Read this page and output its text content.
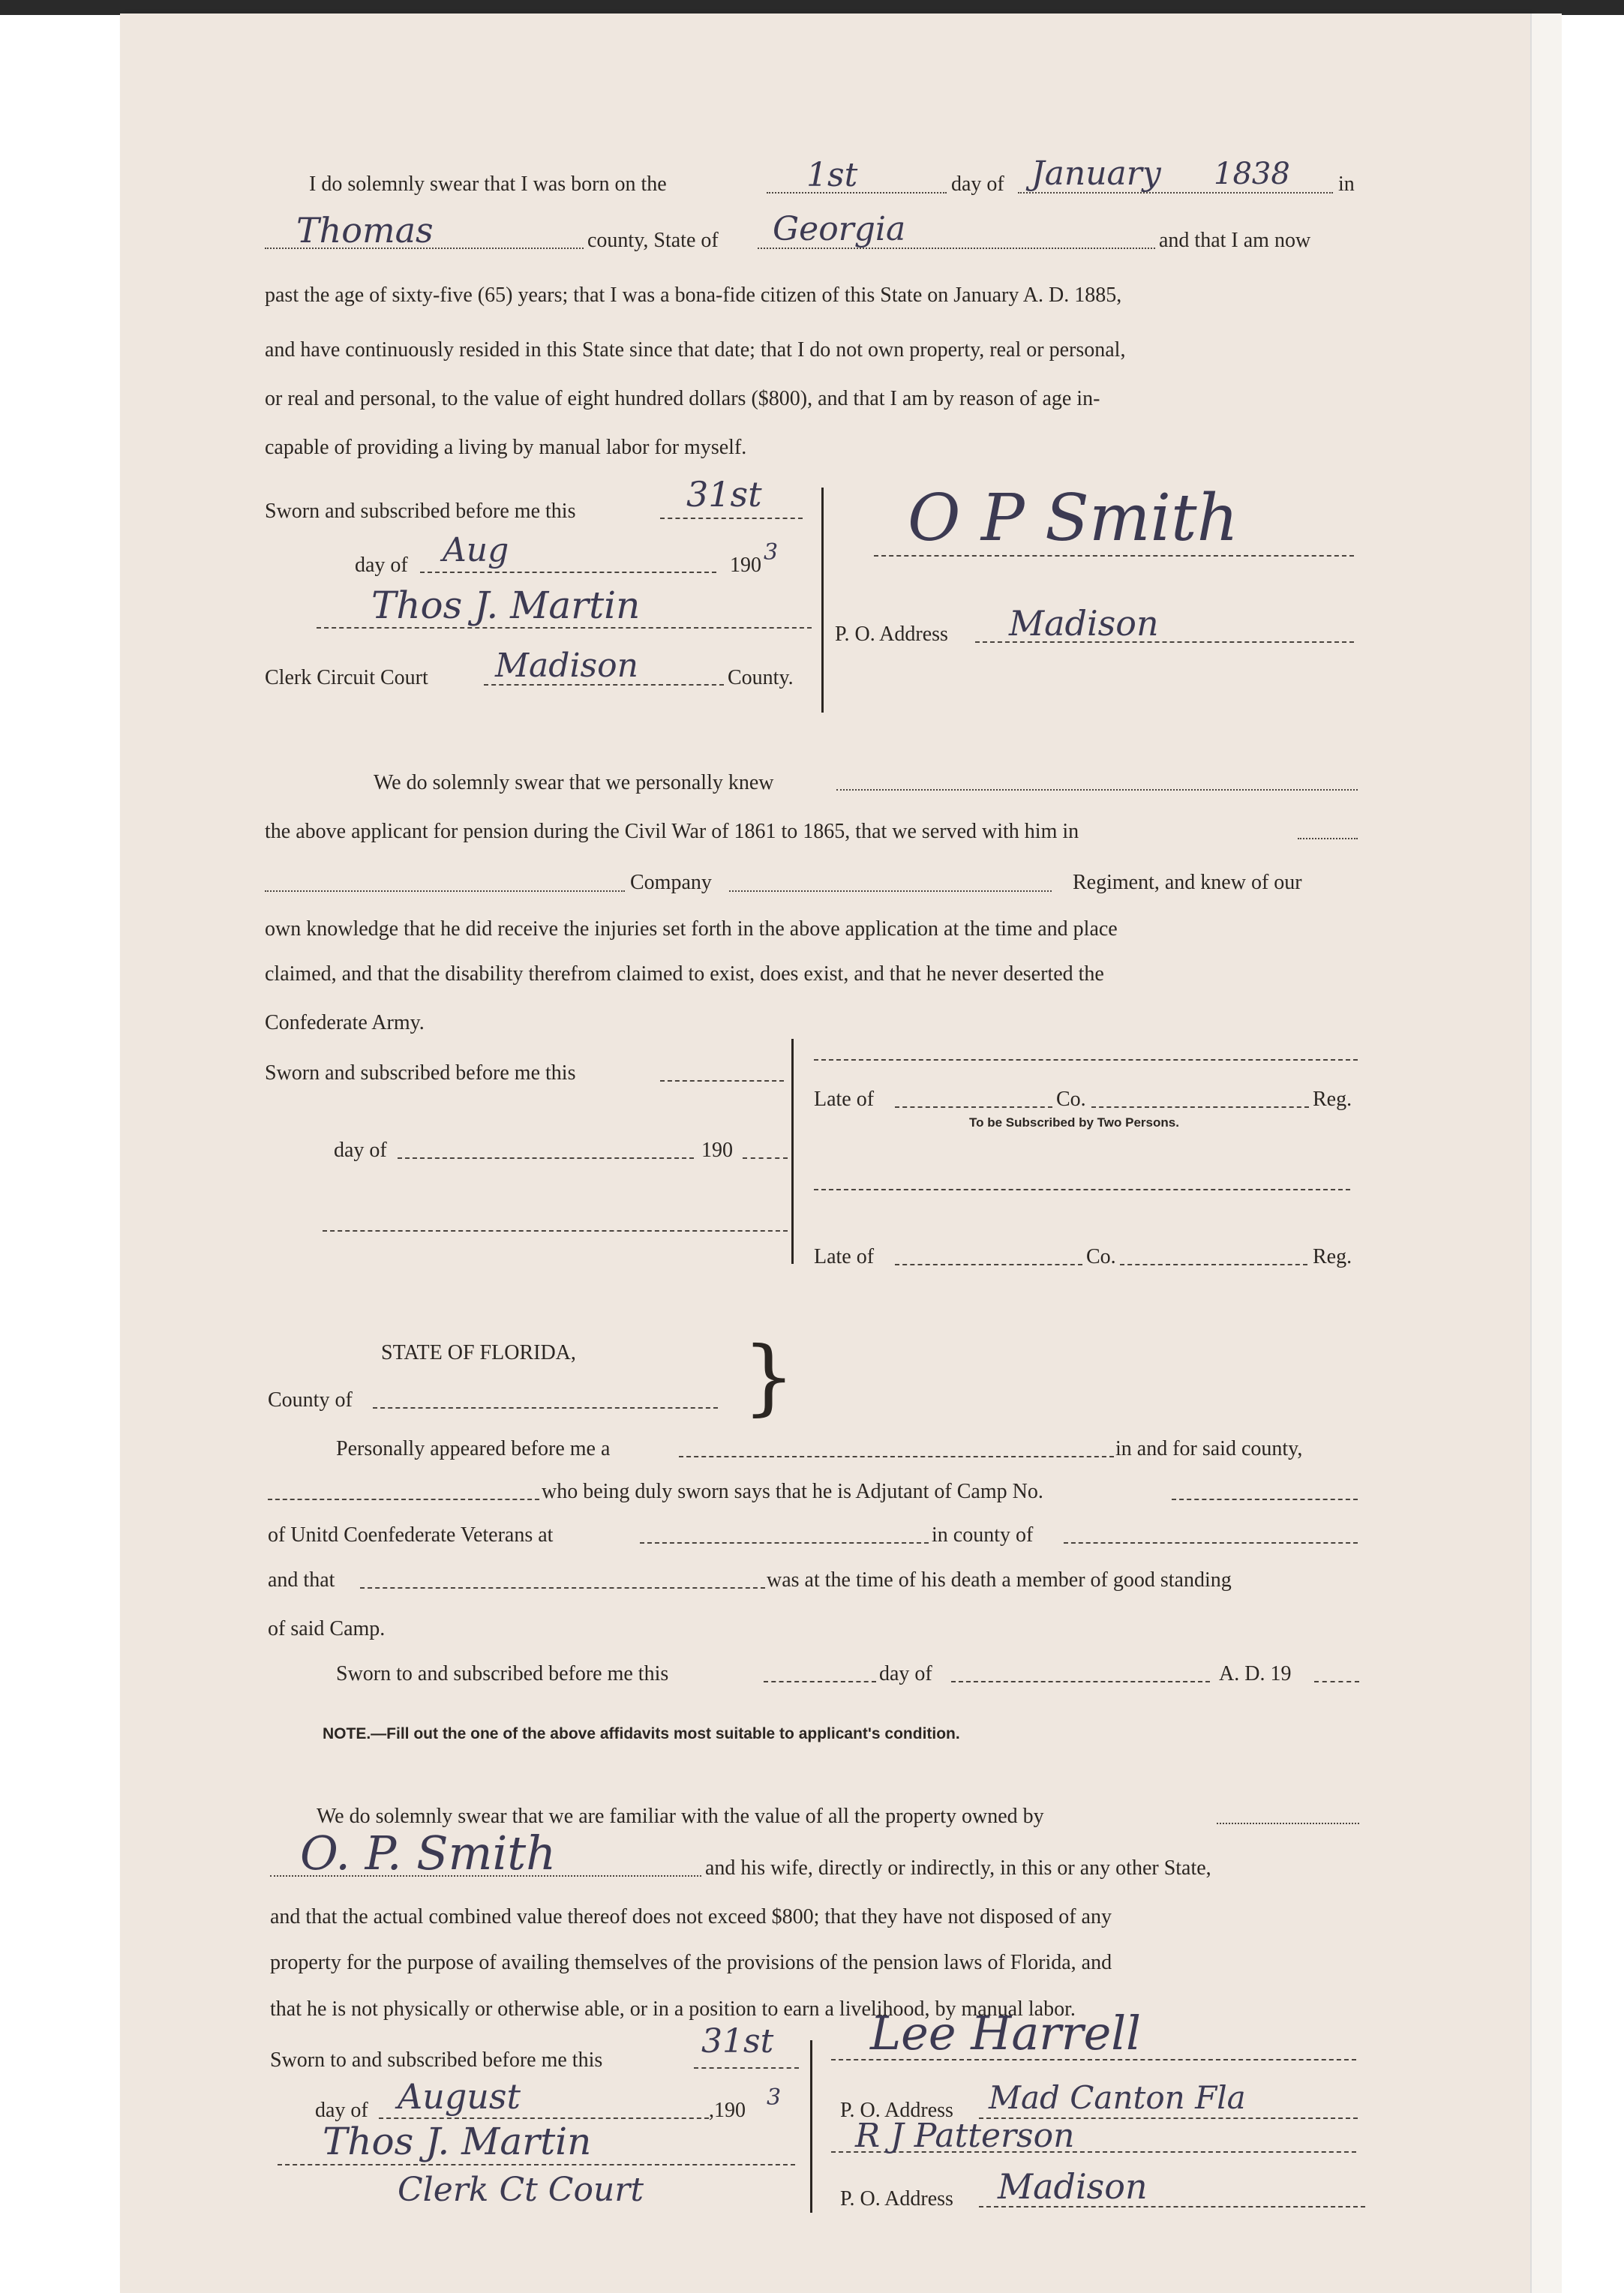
I do solemnly swear that I was born on the	1st	day of January 1838 in
Thomas	county, State of Georgia	and that I am now
past the age of sixty-five (65) years; that I was a bona-fide citizen of this State on January A. D. 1885,
and have continuously resided in this State since that date; that I do not own property, real or personal,
or real and personal, to the value of eight hundred dollars ($800), and that I am by reason of age in-
capable of providing a living by manual labor for myself.
Sworn and subscribed before me this	31st
day of Aug	190 3
Thos J. Martin
Clerk Circuit Court Madison	County.
O P Smith
P. O. Address Madison
We do solemnly swear that we personally knew
the above applicant for pension during the Civil War of 1861 to 1865, that we served with him in
Company	Regiment, and knew of our
own knowledge that he did receive the injuries set forth in the above application at the time and place
claimed, and that the disability therefrom claimed to exist, does exist, and that he never deserted the
Confederate Army.
Sworn and subscribed before me this
day of	190
Late of	Co.	Reg.
To be Subscribed by Two Persons.
Late of	Co.	Reg.
STATE OF FLORIDA,
County of	}
Personally appeared before me a	in and for said county,
who being duly sworn says that he is Adjutant of Camp No.
of Unitd Coenfederate Veterans at	in county of
and that	was at the time of his death a member of good standing
of said Camp.
Sworn to and subscribed before me this	day of	A. D. 19
NOTE.—Fill out the one of the above affidavits most suitable to applicant's condition.
We do solemnly swear that we are familiar with the value of all the property owned by
O. P. Smith	and his wife, directly or indirectly, in this or any other State,
and that the actual combined value thereof does not exceed $800; that they have not disposed of any
property for the purpose of availing themselves of the provisions of the pension laws of Florida, and
that he is not physically or otherwise able, or in a position to earn a livelihood, by manual labor.
Sworn to and subscribed before me this	31st
day of August	,190 3
Thos J. Martin
Clerk Ct Court
Lee Harrell
P. O. Address Mad Canton Fla
R J Patterson
P. O. Address Madison
